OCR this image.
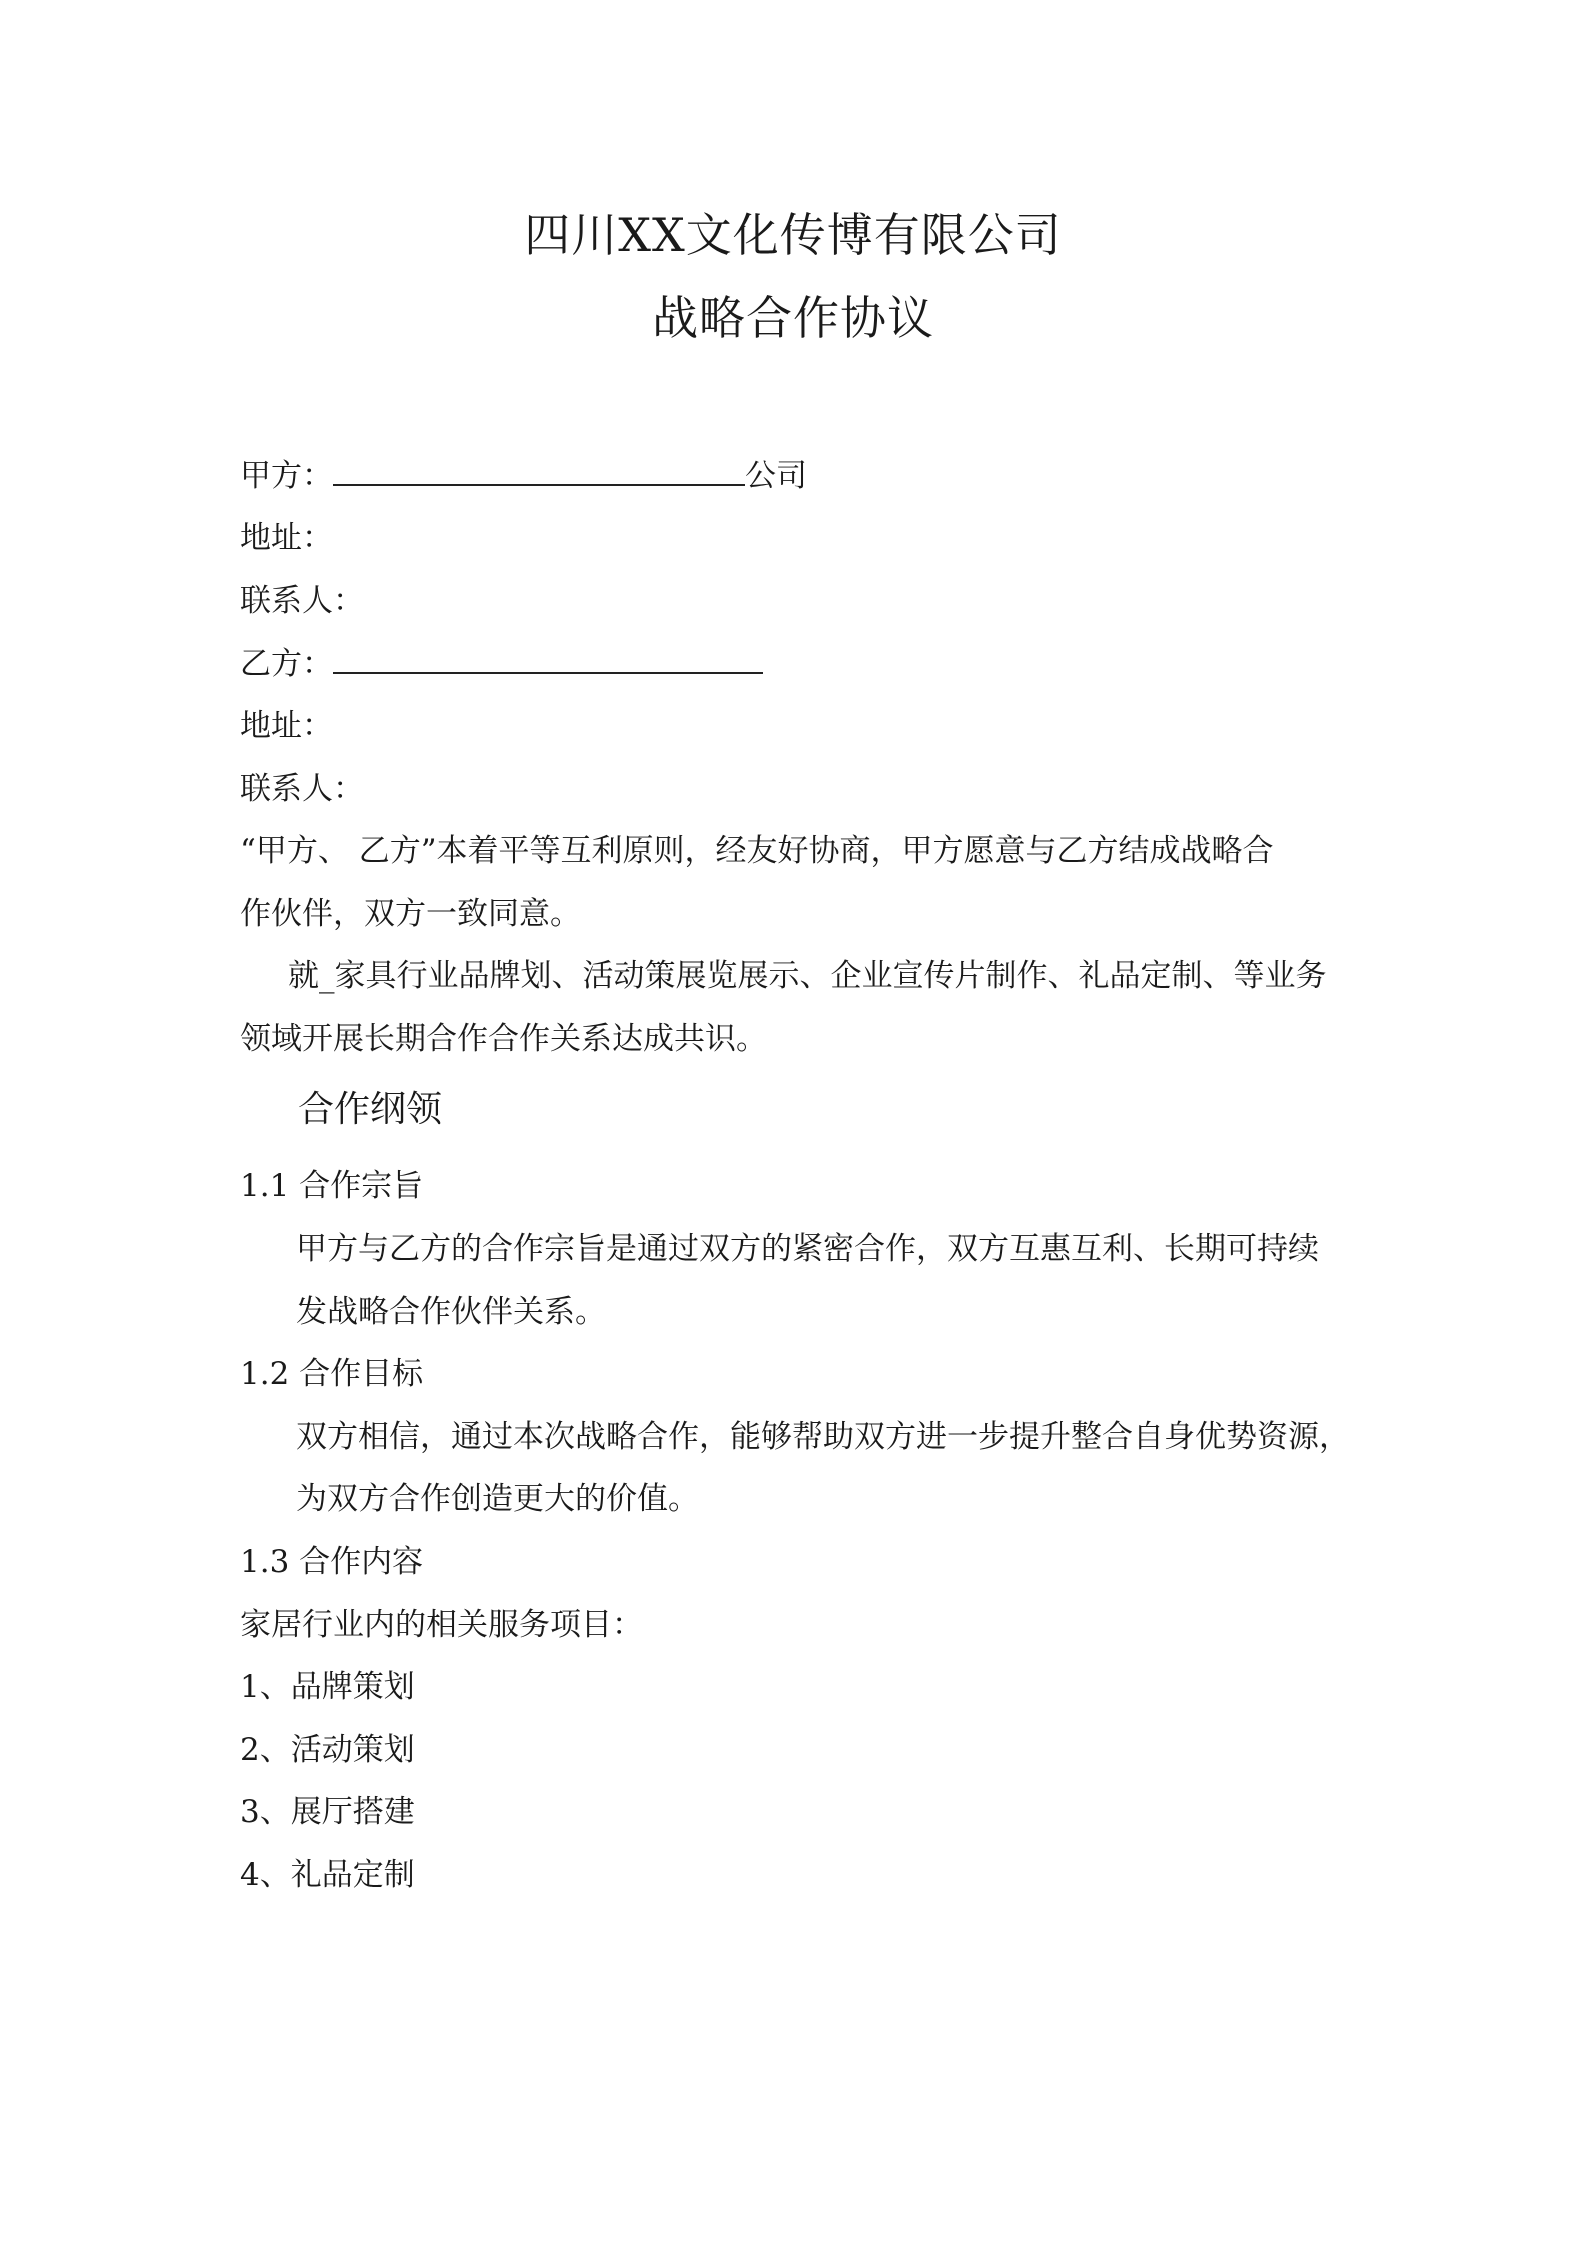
四川XX文化传博有限公司
战略合作协议
甲方：	公司
地址：
联系人：
乙方：
地址：
联系人：
“甲方、 乙方”本着平等互利原则，经友好协商，甲方愿意与乙方结成战略合
作伙伴，双方一致同意。
就_家具行业品牌划、活动策展览展示、企业宣传片制作、礼品定制、等业务
领域开展长期合作合作关系达成共识。
合作纲领
1.1 合作宗旨
甲方与乙方的合作宗旨是通过双方的紧密合作，双方互惠互利、长期可持续
发战略合作伙伴关系。
1.2 合作目标
双方相信，通过本次战略合作，能够帮助双方进一步提升整合自身优势资源，
为双方合作创造更大的价值。
1.3 合作内容
家居行业内的相关服务项目：
1、品牌策划
2、活动策划
3、展厅搭建
4、礼品定制
